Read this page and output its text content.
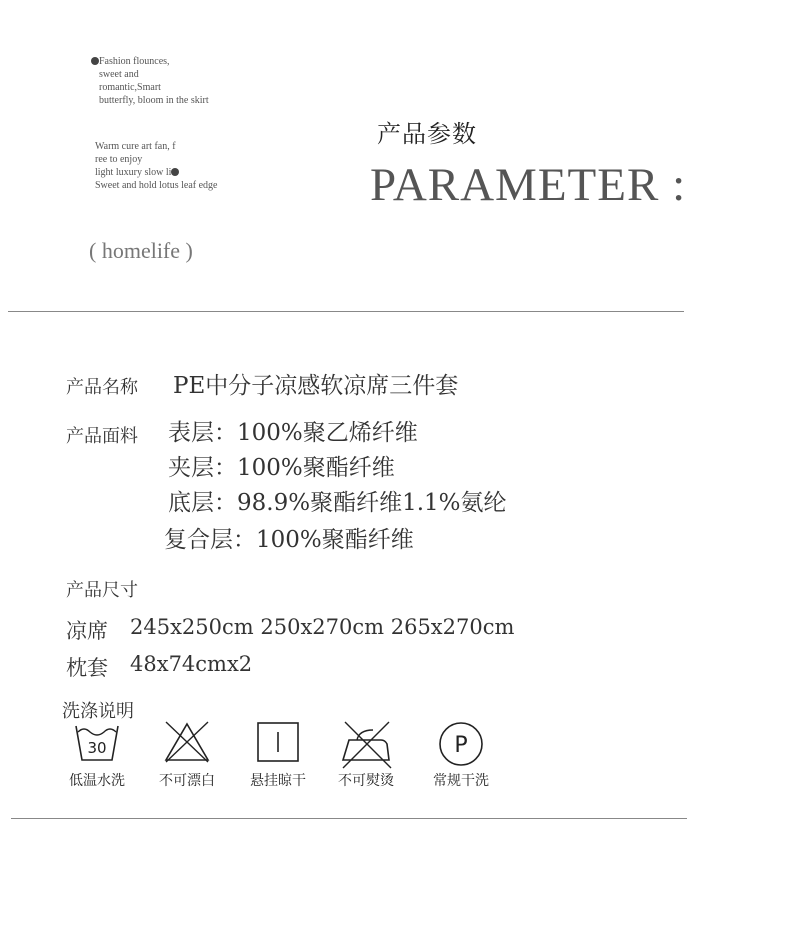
Fashion flounces,
sweet and
romantic,Smart
butterfly, bloom in the skirt
Warm cure art fan, f
ree to enjoy
light luxury slow li
Sweet and hold lotus leaf edge
产品参数
PARAMETER :
( homelife )
产品名称 PE中分子凉感软凉席三件套
产品面料 表层：100%聚乙烯纤维
夹层：100%聚酯纤维
底层：98.9%聚酯纤维1.1%氨纶
复合层：100%聚酯纤维
产品尺寸
凉席 245x250cm 250x270cm 265x270cm
枕套 48x74cmx2
洗涤说明
30
低温水洗	不可漂白	悬挂晾干	不可熨烫
P
常规干洗
